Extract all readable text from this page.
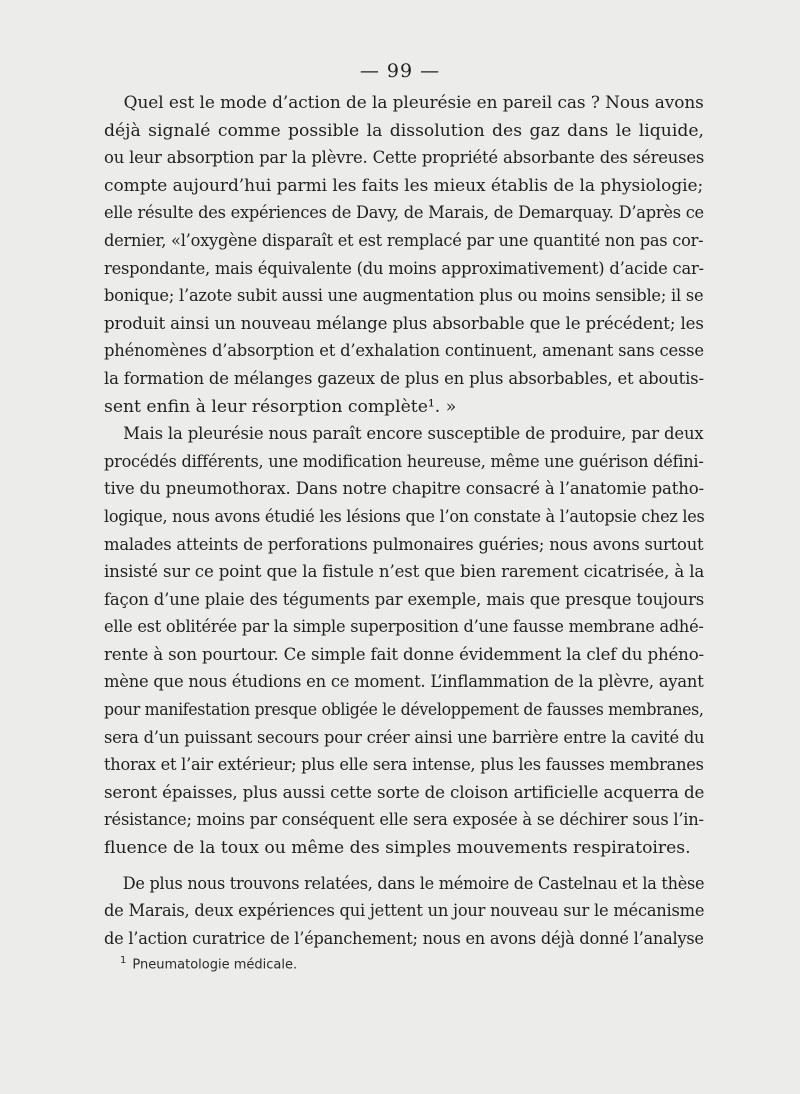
— 99 —

Quel est le mode d’action de la pleurésie en pareil cas ? Nous avons
déjà signalé comme possible la dissolution des gaz dans le liquide,
ou leur absorption par la plèvre. Cette propriété absorbante des séreuses
compte aujourd’hui parmi les faits les mieux établis de la physiologie;
elle résulte des expériences de Davy, de Marais, de Demarquay. D’après ce
dernier, «l’oxygène disparaît et est remplacé par une quantité non pas cor-
respondante, mais équivalente (du moins approximativement) d’acide car-
bonique; l’azote subit aussi une augmentation plus ou moins sensible; il se
produit ainsi un nouveau mélange plus absorbable que le précédent; les
phénomènes d’absorption et d’exhalation continuent, amenant sans cesse
la formation de mélanges gazeux de plus en plus absorbables, et aboutis-
sent enfin à leur résorption complète¹. »

Mais la pleurésie nous paraît encore susceptible de produire, par deux
procédés différents, une modification heureuse, même une guérison défini-
tive du pneumothorax. Dans notre chapitre consacré à l’anatomie patho-
logique, nous avons étudié les lésions que l’on constate à l’autopsie chez les
malades atteints de perforations pulmonaires guéries; nous avons surtout
insisté sur ce point que la fistule n’est que bien rarement cicatrisée, à la
façon d’une plaie des téguments par exemple, mais que presque toujours
elle est oblitérée par la simple superposition d’une fausse membrane adhé-
rente à son pourtour. Ce simple fait donne évidemment la clef du phéno-
mène que nous étudions en ce moment. L’inflammation de la plèvre, ayant
pour manifestation presque obligée le développement de fausses membranes,
sera d’un puissant secours pour créer ainsi une barrière entre la cavité du
thorax et l’air extérieur; plus elle sera intense, plus les fausses membranes
seront épaisses, plus aussi cette sorte de cloison artificielle acquerra de
résistance; moins par conséquent elle sera exposée à se déchirer sous l’in-
fluence de la toux ou même des simples mouvements respiratoires.

De plus nous trouvons relatées, dans le mémoire de Castelnau et la thèse
de Marais, deux expériences qui jettent un jour nouveau sur le mécanisme
de l’action curatrice de l’épanchement; nous en avons déjà donné l’analyse

$^1$ Pneumatologie médicale.
